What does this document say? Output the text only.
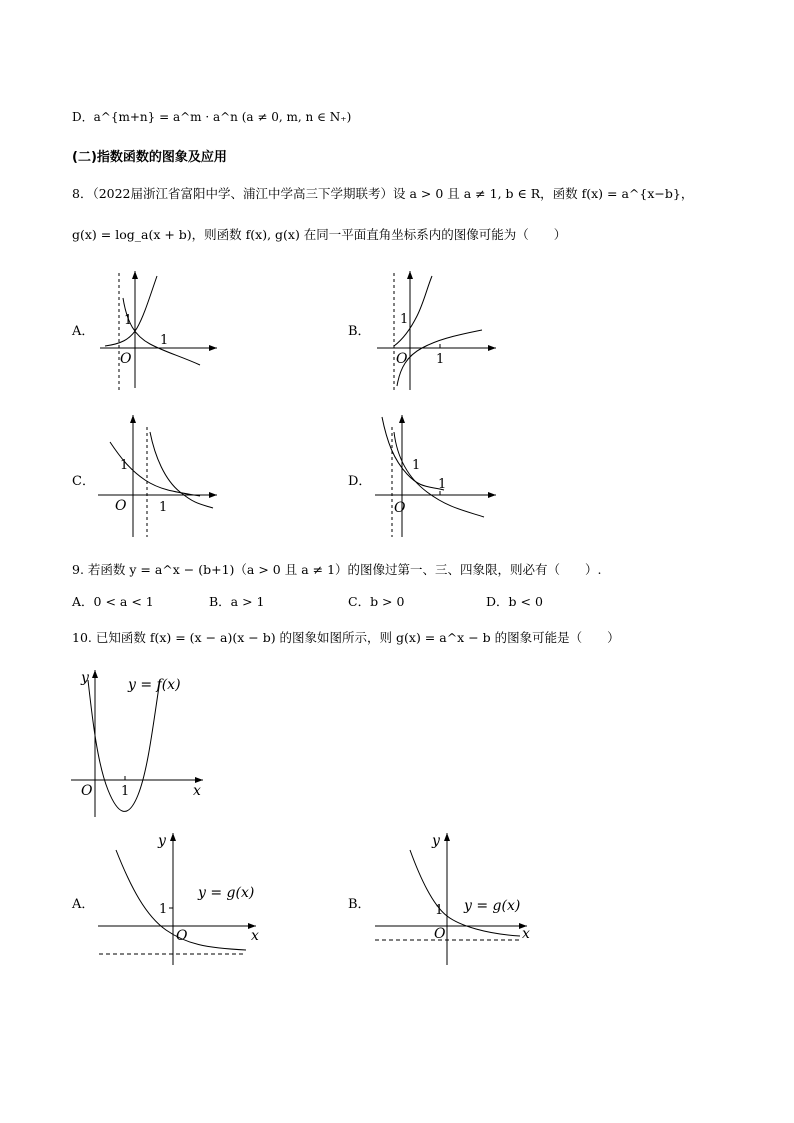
D．a^{m+n} = a^m · a^n (a ≠ 0, m, n ∈ N₊)
(二)指数函数的图象及应用
8．（2022届浙江省富阳中学、浦江中学高三下学期联考）设 a > 0 且 a ≠ 1, b ∈ R，函数 f(x) = a^{x−b}，
g(x) = log_a(x + b)，则函数 f(x), g(x) 在同一平面直角坐标系内的图像可能为（　　）
A．	B．
C．	D．
1
1
O
1
1
O
1
1
O
1
1
O
9. 若函数 y = a^x − (b+1)（a > 0 且 a ≠ 1）的图像过第一、三、四象限，则必有（　　）.
A．0 < a < 1	B．a > 1	C．b > 0	D．b < 0
10. 已知函数 f(x) = (x − a)(x − b) 的图象如图所示，则 g(x) = a^x − b 的图象可能是（　　）
y	y = f(x)
O 1	x
A．	B．
y
y = g(x)
1
O	x
y
y = g(x)
1
O	x
